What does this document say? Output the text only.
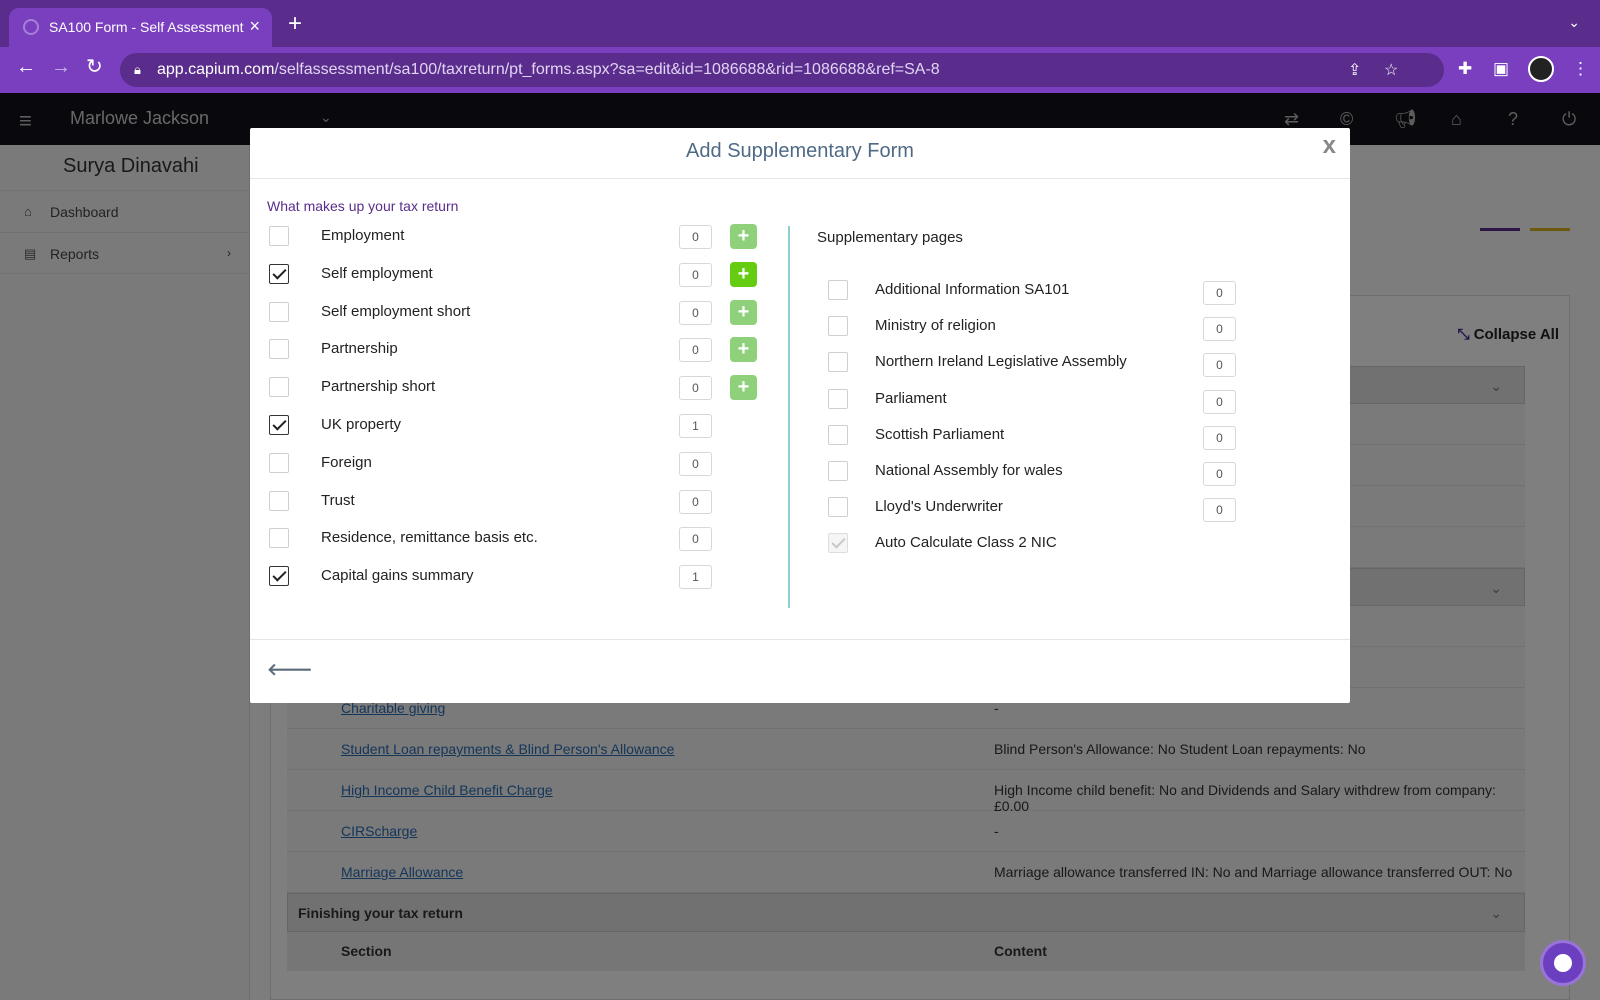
SA100 Form - Self Assessment × +	⌄
← → ↻ 🔒︎ app.capium.com/selfassessment/sa100/taxreturn/pt_forms.aspx?sa=edit&id=1086688&rid=1086688&ref=SA-8	⇪ ☆	✚ ▣	⋮
Add Supplementary Form	x
What makes up your tax return
Supplementary pages
Employment	0	+
Self employment	0	+
Self employment short	0	+
Partnership	0	+
Partnership short	0	+
UK property	1
Foreign	0
Trust	0
Residence, remittance basis etc.	0
Capital gains summary	1
Additional Information SA101	0
Ministry of religion	0
Northern Ireland Legislative Assembly	0
Parliament	0
Scottish Parliament	0
National Assembly for wales	0
Lloyd's Underwriter	0
Auto Calculate Class 2 NIC
🡐
